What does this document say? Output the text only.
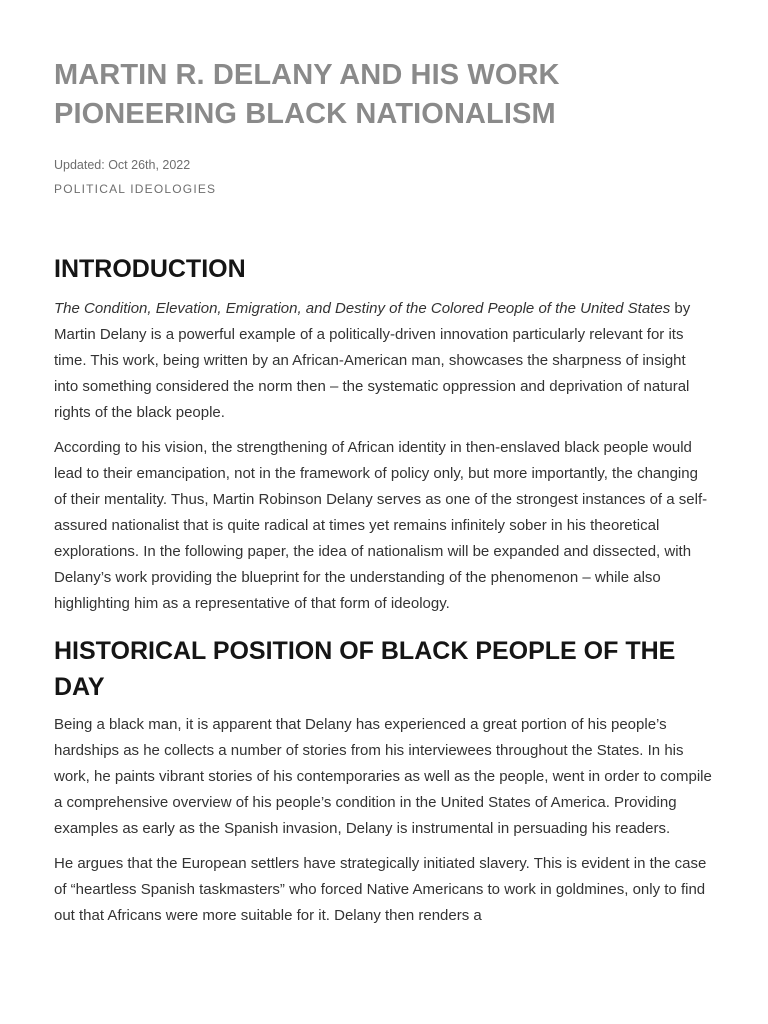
MARTIN R. DELANY AND HIS WORK
PIONEERING BLACK NATIONALISM
Updated: Oct 26th, 2022
POLITICAL IDEOLOGIES
INTRODUCTION

The Condition, Elevation, Emigration, and Destiny of the Colored People of the United States by Martin Delany is a powerful example of a politically-driven innovation particularly relevant for its time. This work, being written by an African-American man, showcases the sharpness of insight into something considered the norm then – the systematic oppression and deprivation of natural rights of the black people.

According to his vision, the strengthening of African identity in then-enslaved black people would lead to their emancipation, not in the framework of policy only, but more importantly, the changing of their mentality. Thus, Martin Robinson Delany serves as one of the strongest instances of a self-assured nationalist that is quite radical at times yet remains infinitely sober in his theoretical explorations. In the following paper, the idea of nationalism will be expanded and dissected, with Delany’s work providing the blueprint for the understanding of the phenomenon – while also highlighting him as a representative of that form of ideology.

HISTORICAL POSITION OF BLACK PEOPLE OF THE DAY

Being a black man, it is apparent that Delany has experienced a great portion of his people’s hardships as he collects a number of stories from his interviewees throughout the States. In his work, he paints vibrant stories of his contemporaries as well as the people, went in order to compile a comprehensive overview of his people’s condition in the United States of America. Providing examples as early as the Spanish invasion, Delany is instrumental in persuading his readers.

He argues that the European settlers have strategically initiated slavery. This is evident in the case of “heartless Spanish taskmasters” who forced Native Americans to work in goldmines, only to find out that Africans were more suitable for it. Delany then renders a
